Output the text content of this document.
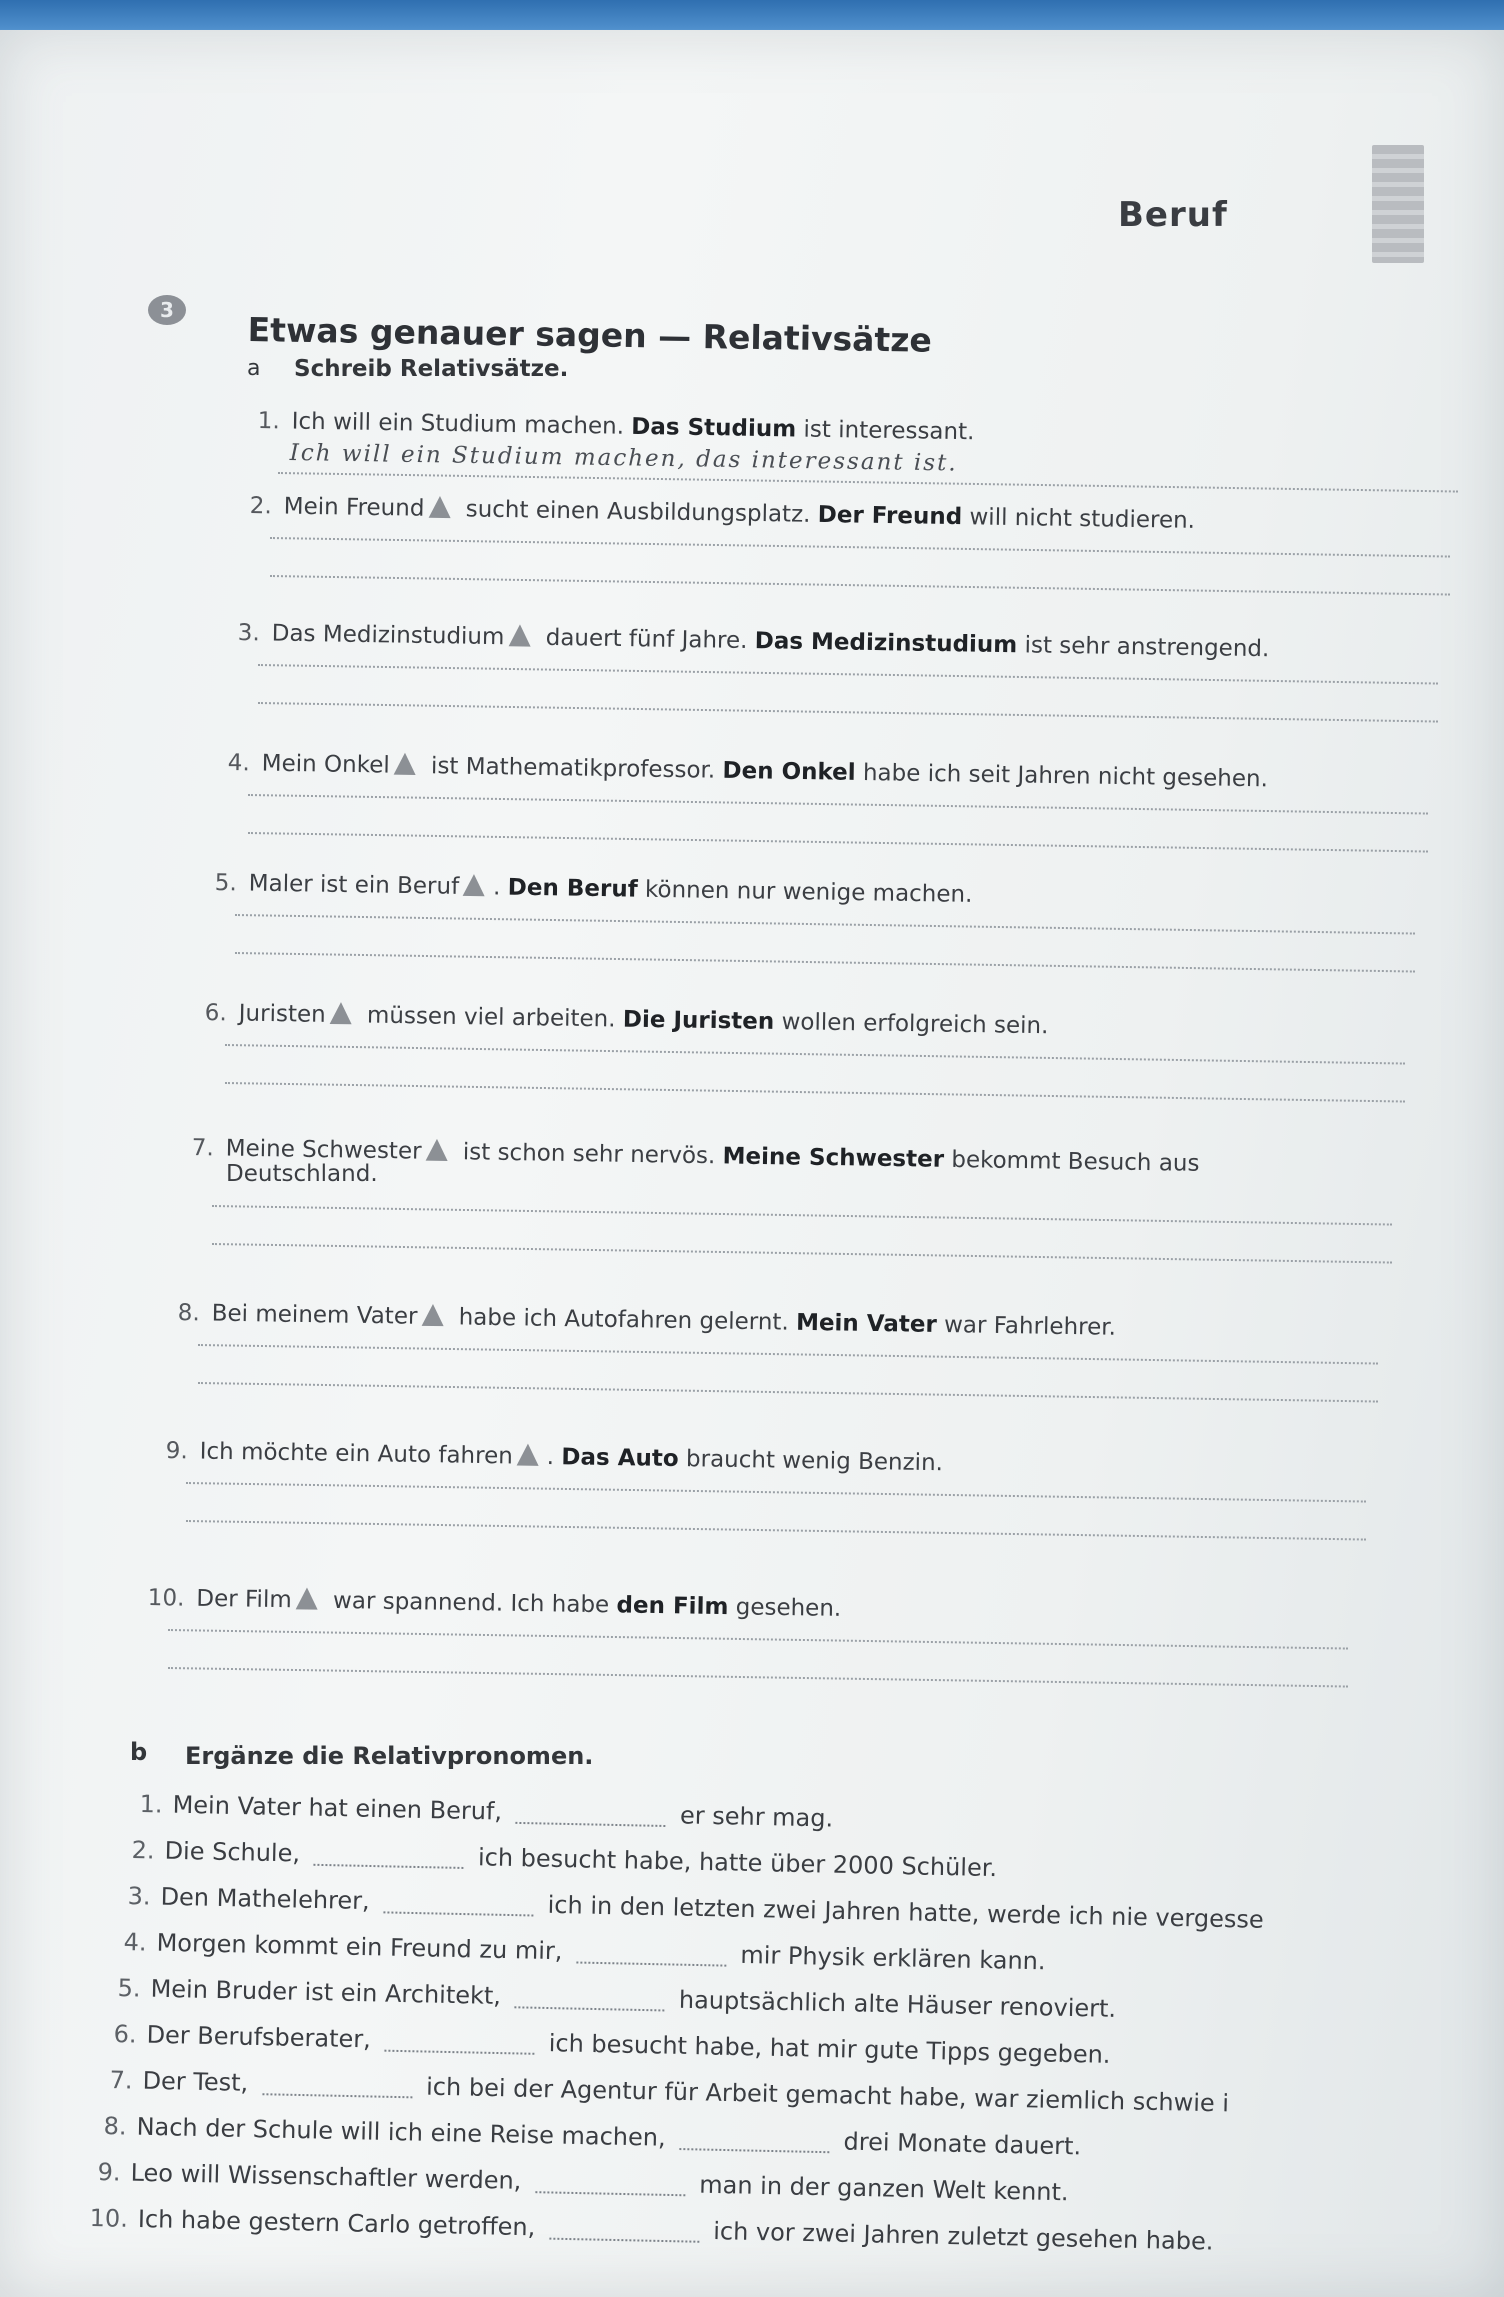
Beruf
3	Etwas genauer sagen — Relativsätze
a Schreib Relativsätze.
Ich will ein Studium machen, das interessant ist.
b Ergänze die Relativpronomen.
1. Ich will ein Studium machen. Das Studium ist interessant.
2. Mein Freund sucht einen Ausbildungsplatz. Der Freund will nicht studieren.
3. Das Medizinstudium dauert fünf Jahre. Das Medizinstudium ist sehr anstrengend.
4. Mein Onkel ist Mathematikprofessor. Den Onkel habe ich seit Jahren nicht gesehen.
5. Maler ist ein Beruf . Den Beruf können nur wenige machen.
6. Juristen müssen viel arbeiten. Die Juristen wollen erfolgreich sein.
7. Meine Schwester ist schon sehr nervös. Meine Schwester bekommt Besuch aus
Deutschland.
8. Bei meinem Vater habe ich Autofahren gelernt. Mein Vater war Fahrlehrer.
9. Ich möchte ein Auto fahren . Das Auto braucht wenig Benzin.
10. Der Film war spannend. Ich habe den Film gesehen.
1. Mein Vater hat einen Beruf,	er sehr mag.
2. Die Schule,	ich besucht habe, hatte über 2000 Schüler.
3. Den Mathelehrer,	ich in den letzten zwei Jahren hatte, werde ich nie vergesse
4. Morgen kommt ein Freund zu mir,	mir Physik erklären kann.
5. Mein Bruder ist ein Architekt,	hauptsächlich alte Häuser renoviert.
6. Der Berufsberater,	ich besucht habe, hat mir gute Tipps gegeben.
7. Der Test,	ich bei der Agentur für Arbeit gemacht habe, war ziemlich schwie i
8. Nach der Schule will ich eine Reise machen,	drei Monate dauert.
9. Leo will Wissenschaftler werden,	man in der ganzen Welt kennt.
10. Ich habe gestern Carlo getroffen,	ich vor zwei Jahren zuletzt gesehen habe.
